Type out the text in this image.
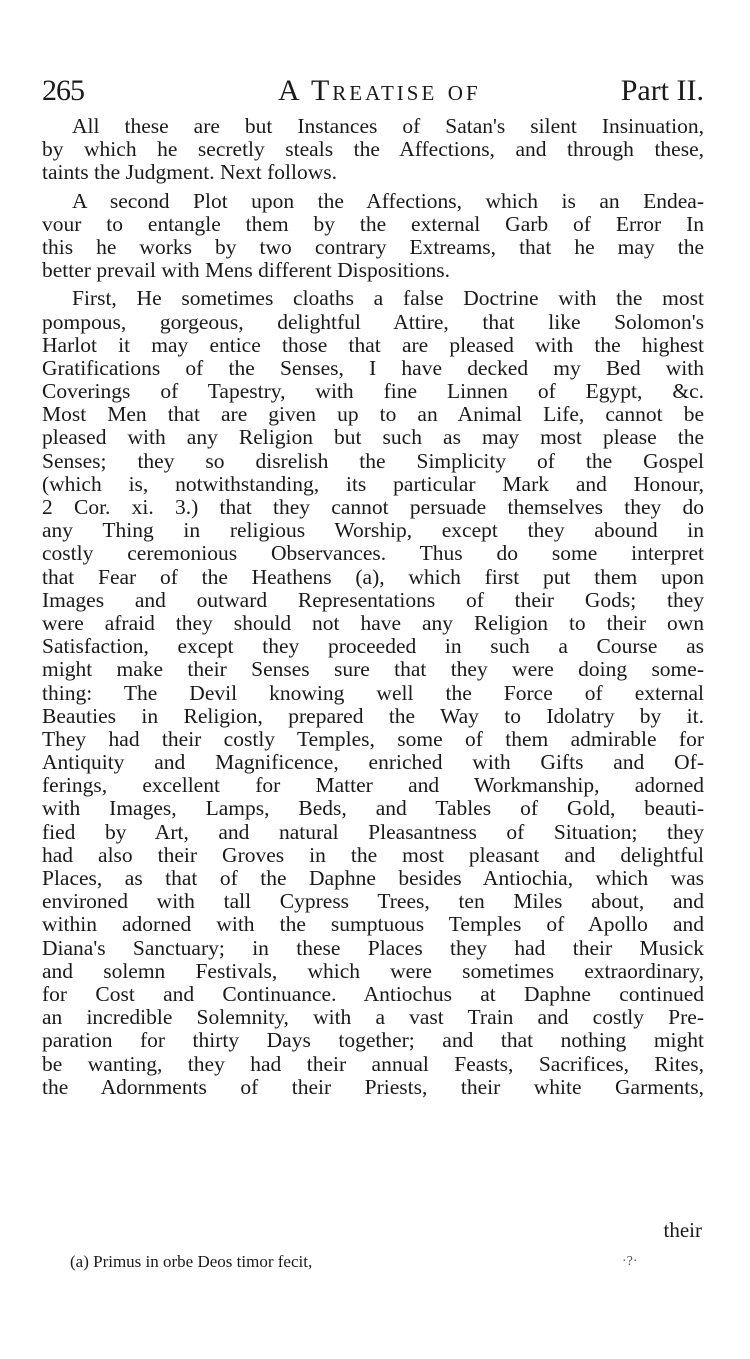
265	A Treatise of	Part II.
All these are but Instances of Satan's silent Insinuation,
by which he secretly steals the Affections, and through these,
taints the Judgment. Next follows.
A second Plot upon the Affections, which is an Endea-
vour to entangle them by the external Garb of Error In
this he works by two contrary Extreams, that he may the
better prevail with Mens different Dispositions.
First, He sometimes cloaths a false Doctrine with the most
pompous, gorgeous, delightful Attire, that like Solomon's
Harlot it may entice those that are pleased with the highest
Gratifications of the Senses, I have decked my Bed with
Coverings of Tapestry, with fine Linnen of Egypt, &c.
Most Men that are given up to an Animal Life, cannot be
pleased with any Religion but such as may most please the
Senses; they so disrelish the Simplicity of the Gospel
(which is, notwithstanding, its particular Mark and Honour,
2 Cor. xi. 3.) that they cannot persuade themselves they do
any Thing in religious Worship, except they abound in
costly ceremonious Observances. Thus do some interpret
that Fear of the Heathens (a), which first put them upon
Images and outward Representations of their Gods; they
were afraid they should not have any Religion to their own
Satisfaction, except they proceeded in such a Course as
might make their Senses sure that they were doing some-
thing: The Devil knowing well the Force of external
Beauties in Religion, prepared the Way to Idolatry by it.
They had their costly Temples, some of them admirable for
Antiquity and Magnificence, enriched with Gifts and Of-
ferings, excellent for Matter and Workmanship, adorned
with Images, Lamps, Beds, and Tables of Gold, beauti-
fied by Art, and natural Pleasantness of Situation; they
had also their Groves in the most pleasant and delightful
Places, as that of the Daphne besides Antiochia, which was
environed with tall Cypress Trees, ten Miles about, and
within adorned with the sumptuous Temples of Apollo and
Diana's Sanctuary; in these Places they had their Musick
and solemn Festivals, which were sometimes extraordinary,
for Cost and Continuance. Antiochus at Daphne continued
an incredible Solemnity, with a vast Train and costly Pre-
paration for thirty Days together; and that nothing might
be wanting, they had their annual Feasts, Sacrifices, Rites,
the Adornments of their Priests, their white Garments,
their
(a) Primus in orbe Deos timor fecit,	·?·
